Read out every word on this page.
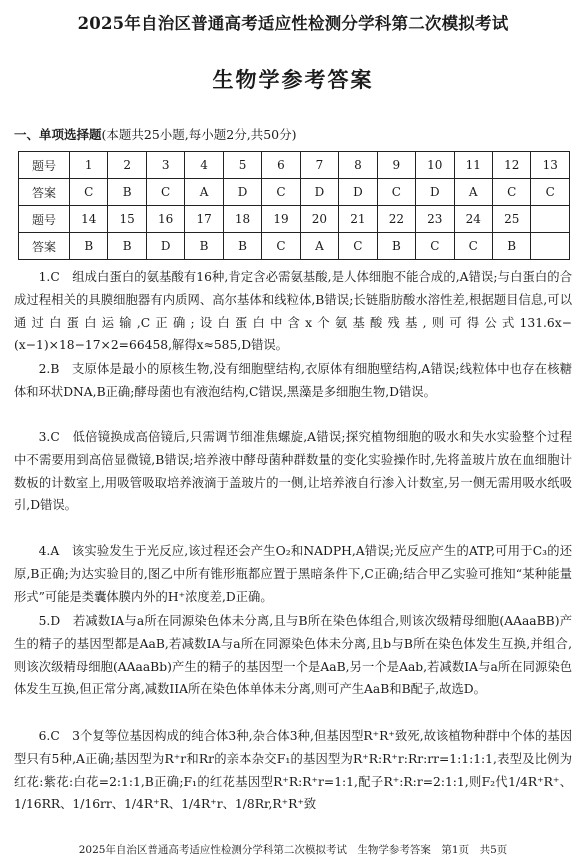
2025年自治区普通高考适应性检测分学科第二次模拟考试
生物学参考答案
一、单项选择题(本题共25小题,每小题2分,共50分)
题号	1	2	3	4	5	6	7	8	9	10	11	12	13
答案	C	B	C	A	D	C	D	D	C	D	A	C	C
题号	14	15	16	17	18	19	20	21	22	23	24	25	
答案	B	B	D	B	B	C	A	C	B	C	C	B	

1.C　组成白蛋白的氨基酸有16种,肯定含必需氨基酸,是人体细胞不能合成的,A错误;与白蛋白的合成过程相关的具膜细胞器有内质网、高尔基体和线粒体,B错误;长链脂肪酸水溶性差,根据题目信息,可以通过白蛋白运输,C正确;设白蛋白中含x个氨基酸残基,则可得公式131.6x−(x−1)×18−17×2=66458,解得x≈585,D错误。

2.B　支原体是最小的原核生物,没有细胞壁结构,衣原体有细胞壁结构,A错误;线粒体中也存在核糖体和环状DNA,B正确;酵母菌也有液泡结构,C错误,黑藻是多细胞生物,D错误。

3.C　低倍镜换成高倍镜后,只需调节细准焦螺旋,A错误;探究植物细胞的吸水和失水实验整个过程中不需要用到高倍显微镜,B错误;培养液中酵母菌种群数量的变化实验操作时,先将盖玻片放在血细胞计数板的计数室上,用吸管吸取培养液滴于盖玻片的一侧,让培养液自行渗入计数室,另一侧无需用吸水纸吸引,D错误。

4.A　该实验发生于光反应,该过程还会产生O₂和NADPH,A错误;光反应产生的ATP,可用于C₃的还原,B正确;为达实验目的,图乙中所有锥形瓶都应置于黑暗条件下,C正确;结合甲乙实验可推知“某种能量形式”可能是类囊体膜内外的H⁺浓度差,D正确。

5.D　若减数IA与a所在同源染色体未分离,且与B所在染色体组合,则该次级精母细胞(AAaaBB)产生的精子的基因型都是AaB,若减数IA与a所在同源染色体未分离,且b与B所在染色体发生互换,并组合,则该次级精母细胞(AAaaBb)产生的精子的基因型一个是AaB,另一个是Aab,若减数IA与a所在同源染色体发生互换,但正常分离,减数IIA所在染色体单体未分离,则可产生AaB和B配子,故选D。

6.C　3个复等位基因构成的纯合体3种,杂合体3种,但基因型R⁺R⁺致死,故该植物种群中个体的基因型只有5种,A正确;基因型为R⁺r和Rr的亲本杂交F₁的基因型为R⁺R:R⁺r:Rr:rr=1:1:1:1,表型及比例为红花:紫花:白花=2:1:1,B正确;F₁的红花基因型R⁺R:R⁺r=1:1,配子R⁺:R:r=2:1:1,则F₂代1/4R⁺R⁺、1/16RR、1/16rr、1/4R⁺R、1/4R⁺r、1/8Rr,R⁺R⁺致

2025年自治区普通高考适应性检测分学科第二次模拟考试　生物学参考答案　第1页　共5页
